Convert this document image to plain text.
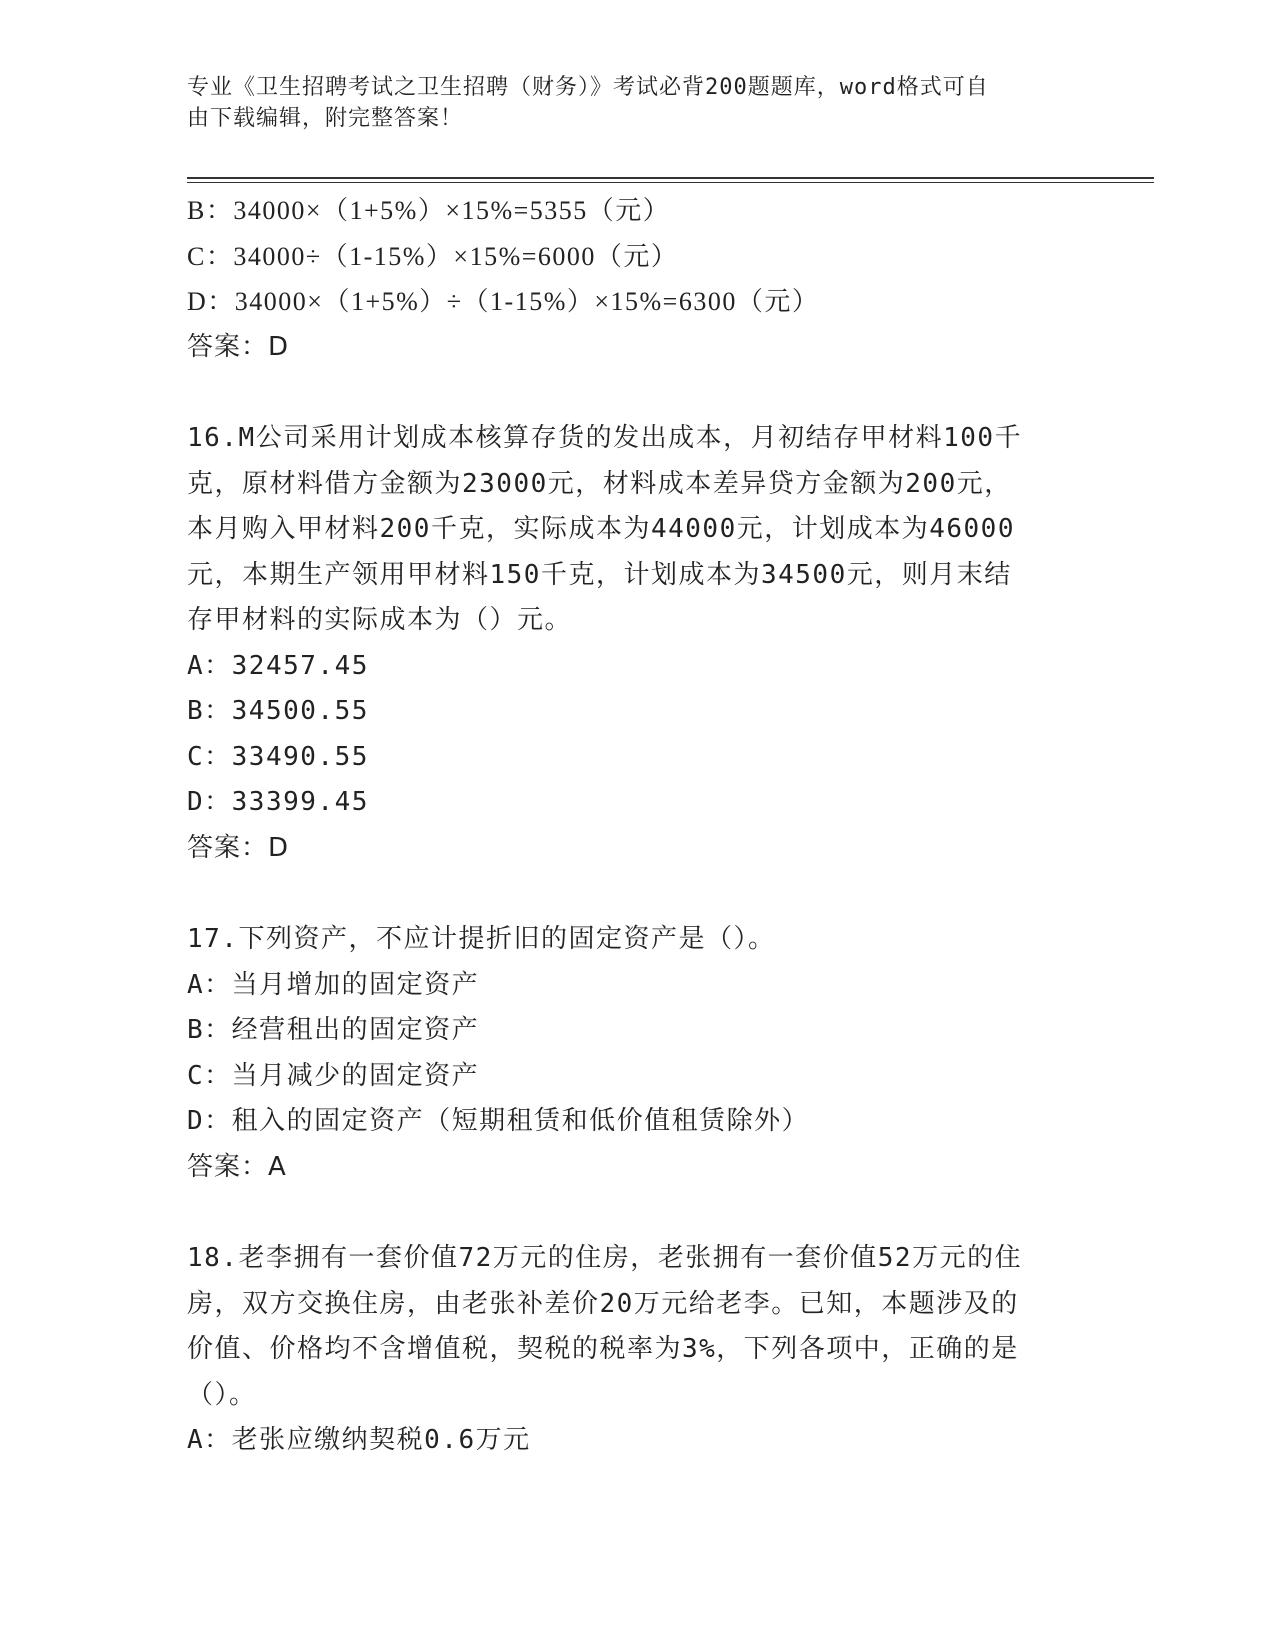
专业《卫生招聘考试之卫生招聘（财务）》考试必背200题题库，word格式可自
由下载编辑，附完整答案！
B：34000×（1+5%）×15%=5355（元）
C：34000÷（1-15%）×15%=6000（元）
D：34000×（1+5%）÷（1-15%）×15%=6300（元）
答案：D
16.M公司采用计划成本核算存货的发出成本，月初结存甲材料100千
克，原材料借方金额为23000元，材料成本差异贷方金额为200元，
本月购入甲材料200千克，实际成本为44000元，计划成本为46000
元，本期生产领用甲材料150千克，计划成本为34500元，则月末结
存甲材料的实际成本为（）元。
A：32457.45
B：34500.55
C：33490.55
D：33399.45
答案：D
17.下列资产，不应计提折旧的固定资产是（）。
A：当月增加的固定资产
B：经营租出的固定资产
C：当月减少的固定资产
D：租入的固定资产（短期租赁和低价值租赁除外）
答案：A
18.老李拥有一套价值72万元的住房，老张拥有一套价值52万元的住
房，双方交换住房，由老张补差价20万元给老李。已知，本题涉及的
价值、价格均不含增值税，契税的税率为3%，下列各项中，正确的是
（）。
A：老张应缴纳契税0.6万元
